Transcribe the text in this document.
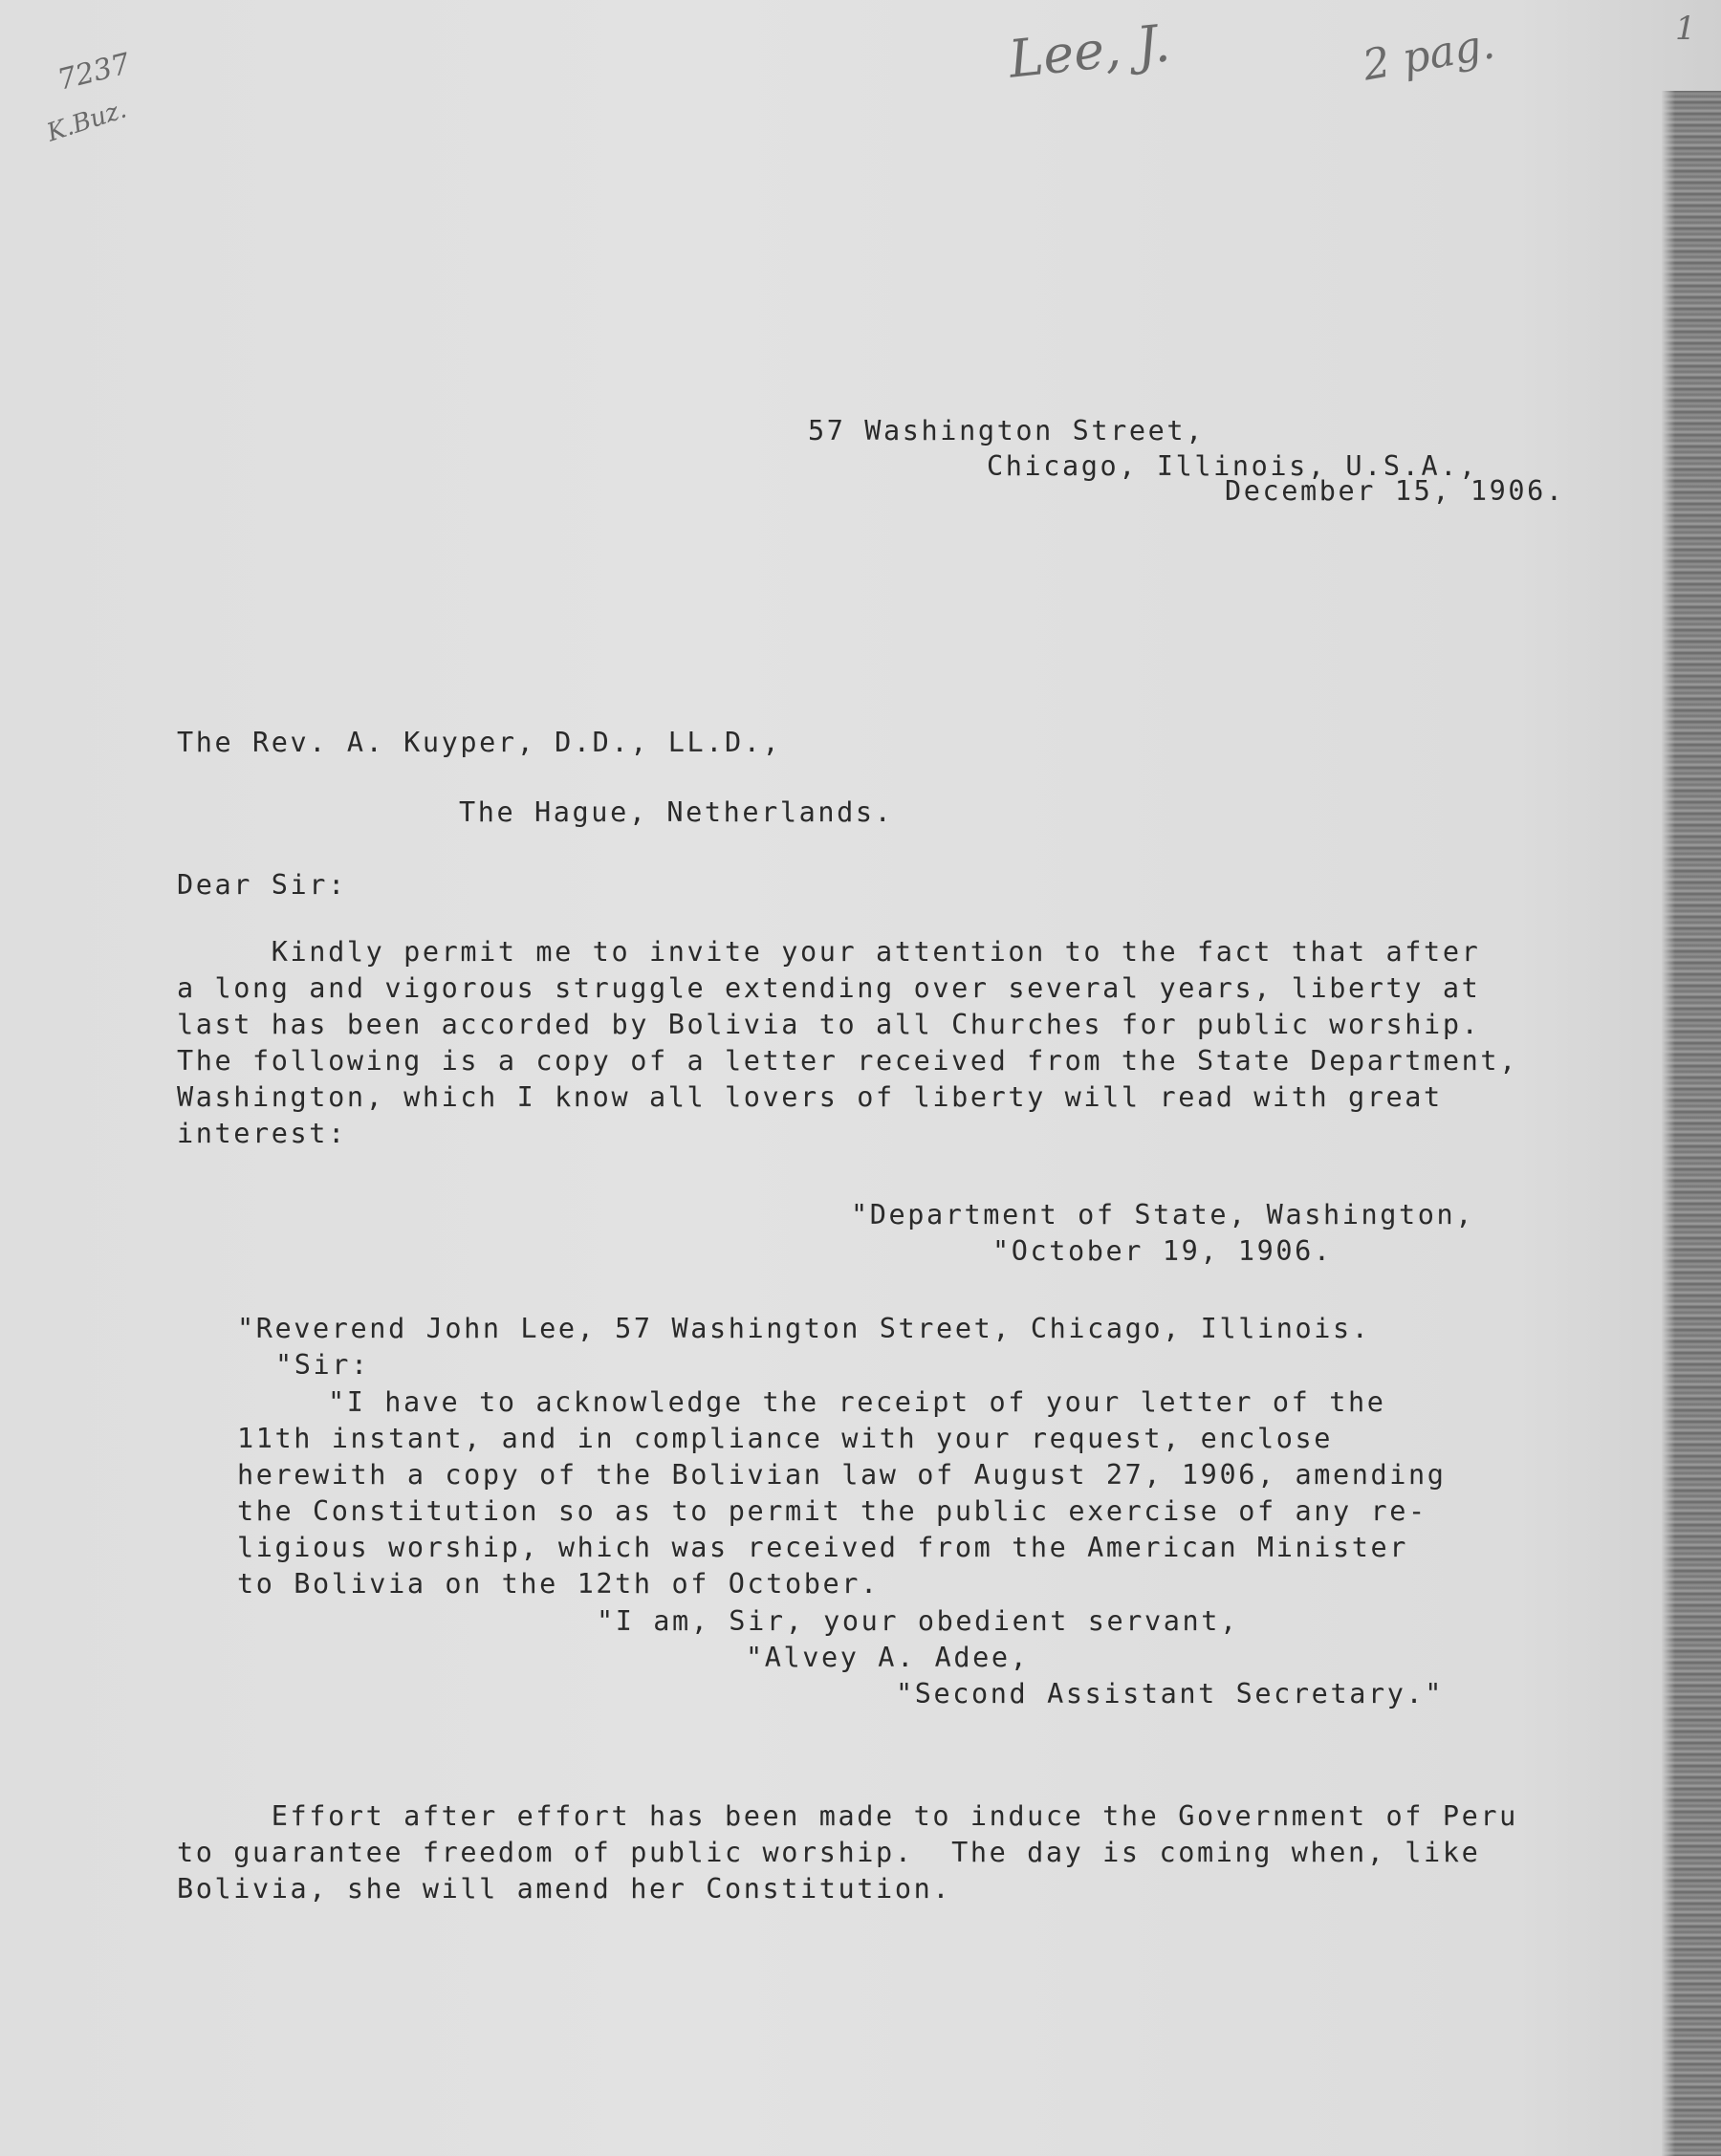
7237
K.Buz.
Lee, J.	2 pag.	1
57 Washington Street,
Chicago, Illinois, U.S.A.,
December 15, 1906.
The Rev. A. Kuyper, D.D., LL.D.,
The Hague, Netherlands.
Dear Sir:
Kindly permit me to invite your attention to the fact that after
a long and vigorous struggle extending over several years, liberty at
last has been accorded by Bolivia to all Churches for public worship.
The following is a copy of a letter received from the State Department,
Washington, which I know all lovers of liberty will read with great
interest:
"Department of State, Washington,
"October 19, 1906.
"Reverend John Lee, 57 Washington Street, Chicago, Illinois.
"Sir:
"I have to acknowledge the receipt of your letter of the
11th instant, and in compliance with your request, enclose
herewith a copy of the Bolivian law of August 27, 1906, amending
the Constitution so as to permit the public exercise of any re-
ligious worship, which was received from the American Minister
to Bolivia on the 12th of October.
"I am, Sir, your obedient servant,
"Alvey A. Adee,
"Second Assistant Secretary."
Effort after effort has been made to induce the Government of Peru
to guarantee freedom of public worship.  The day is coming when, like
Bolivia, she will amend her Constitution.
